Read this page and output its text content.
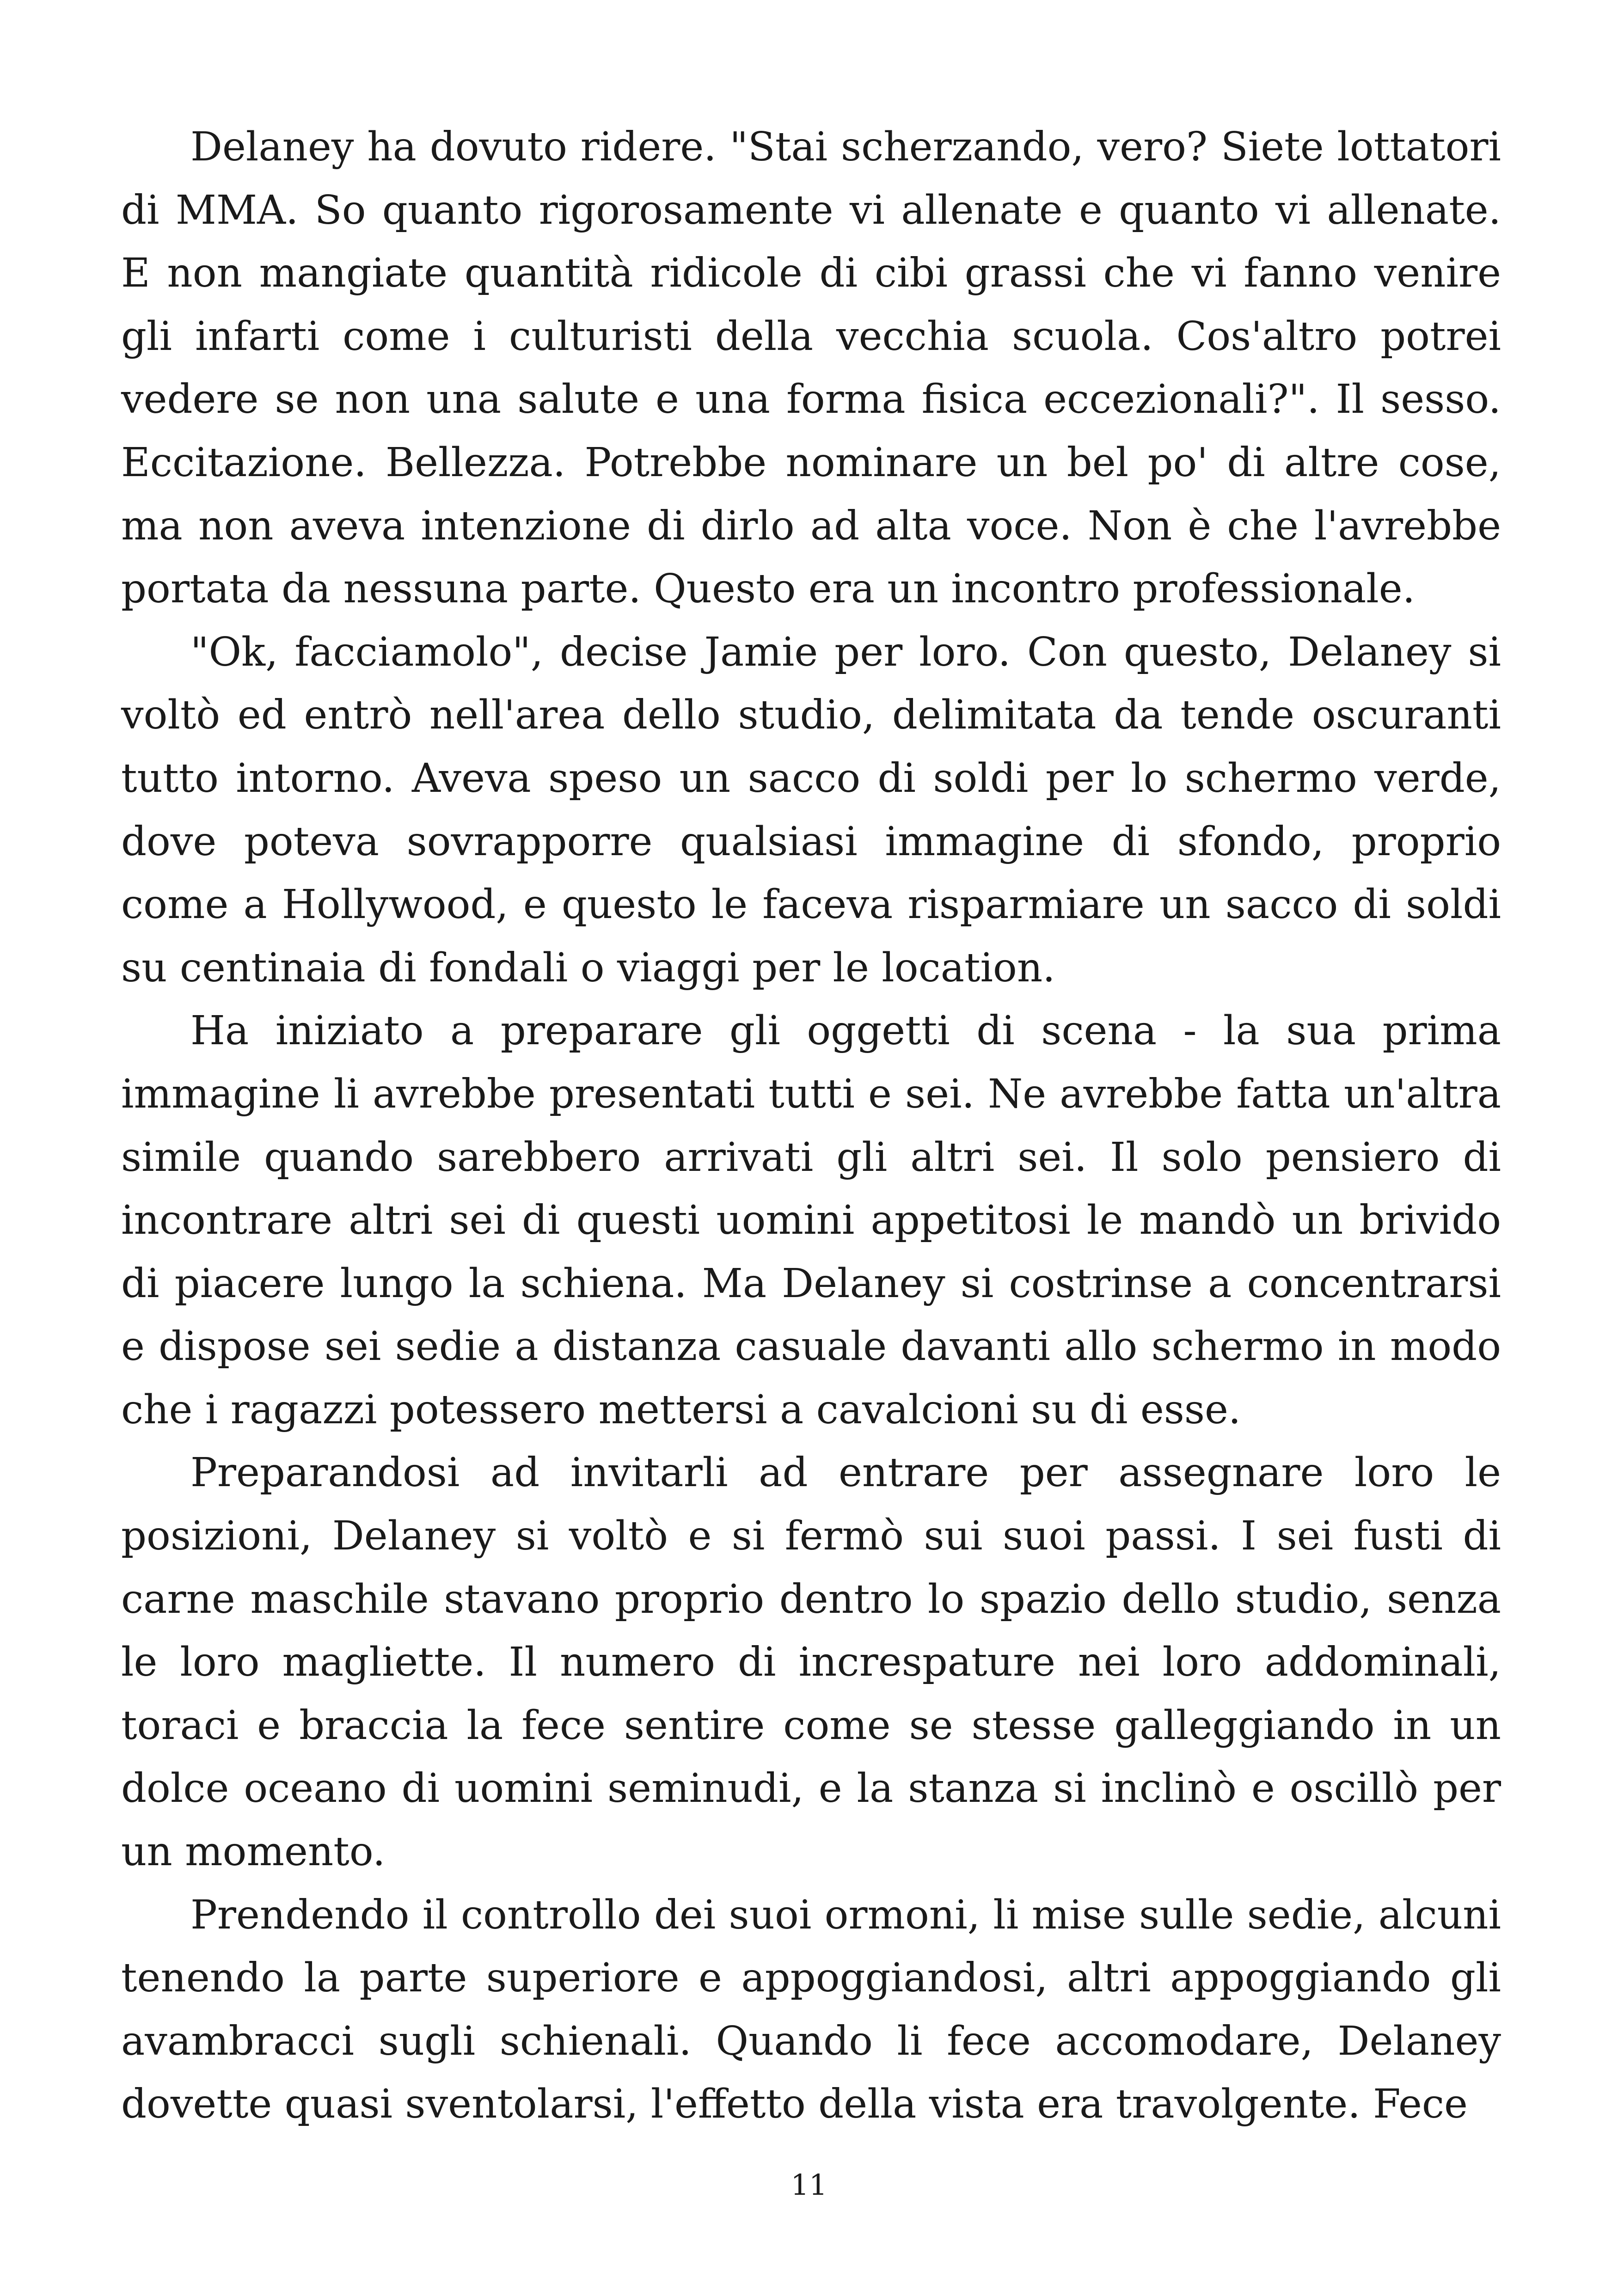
Delaney ha dovuto ridere. "Stai scherzando, vero? Siete lottatori di MMA. So quanto rigorosamente vi allenate e quanto vi allenate. E non mangiate quantità ridicole di cibi grassi che vi fanno venire gli infarti come i culturisti della vecchia scuola. Cos'altro potrei vedere se non una salute e una forma fisica eccezionali?". Il sesso. Eccitazione. Bellezza. Potrebbe nominare un bel po' di altre cose, ma non aveva intenzione di dirlo ad alta voce. Non è che l'avrebbe portata da nessuna parte. Questo era un incontro professionale.

"Ok, facciamolo", decise Jamie per loro. Con questo, Delaney si voltò ed entrò nell'area dello studio, delimitata da tende oscuranti tutto intorno. Aveva speso un sacco di soldi per lo schermo verde, dove poteva sovrapporre qualsiasi immagine di sfondo, proprio come a Hollywood, e questo le faceva risparmiare un sacco di soldi su centinaia di fondali o viaggi per le location.

Ha iniziato a preparare gli oggetti di scena - la sua prima immagine li avrebbe presentati tutti e sei. Ne avrebbe fatta un'altra simile quando sarebbero arrivati gli altri sei. Il solo pensiero di incontrare altri sei di questi uomini appetitosi le mandò un brivido di piacere lungo la schiena. Ma Delaney si costrinse a concentrarsi e dispose sei sedie a distanza casuale davanti allo schermo in modo che i ragazzi potessero mettersi a cavalcioni su di esse.

Preparandosi ad invitarli ad entrare per assegnare loro le posizioni, Delaney si voltò e si fermò sui suoi passi. I sei fusti di carne maschile stavano proprio dentro lo spazio dello studio, senza le loro magliette. Il numero di increspature nei loro addominali, toraci e braccia la fece sentire come se stesse galleggiando in un dolce oceano di uomini seminudi, e la stanza si inclinò e oscillò per un momento.

Prendendo il controllo dei suoi ormoni, li mise sulle sedie, alcuni tenendo la parte superiore e appoggiandosi, altri appoggiando gli avambracci sugli schienali. Quando li fece accomodare, Delaney dovette quasi sventolarsi, l'effetto della vista era travolgente. Fece

11
